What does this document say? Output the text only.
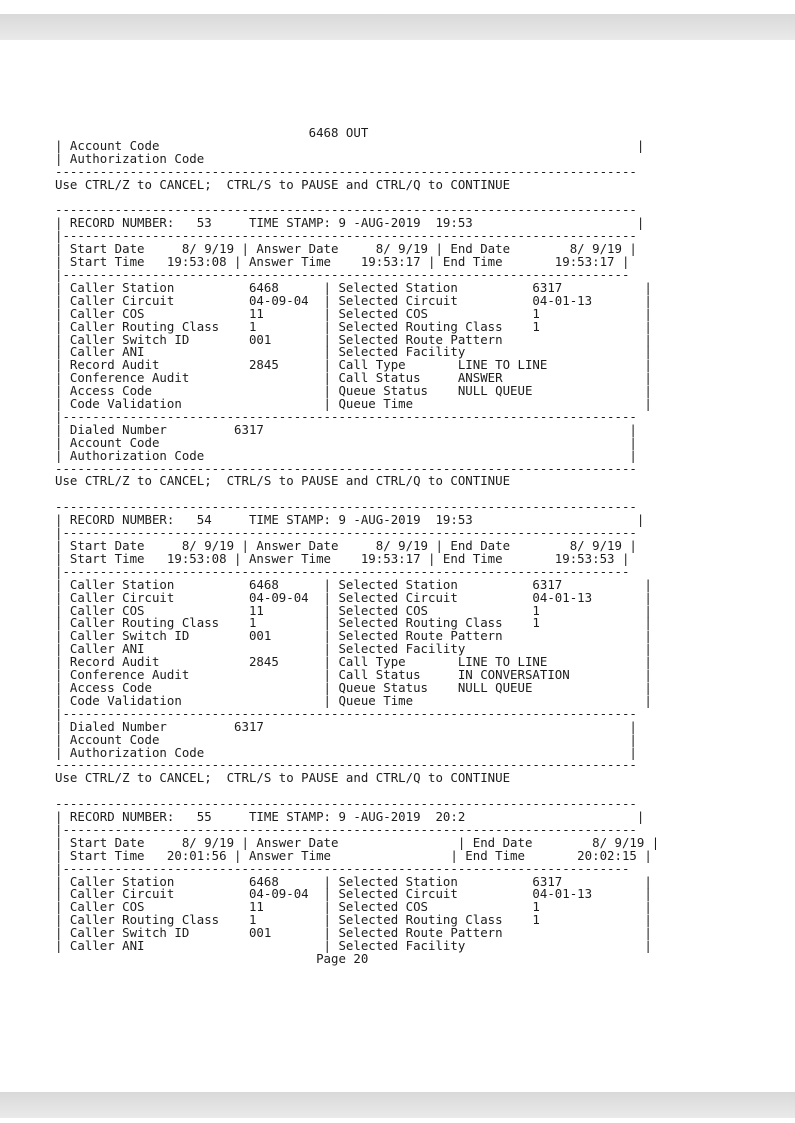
6468 OUT
| Account Code                                                                |
| Authorization Code
------------------------------------------------------------------------------
Use CTRL/Z to CANCEL;  CTRL/S to PAUSE and CTRL/Q to CONTINUE

------------------------------------------------------------------------------
| RECORD NUMBER:   53     TIME STAMP: 9 -AUG-2019  19:53                      |
|-----------------------------------------------------------------------------
| Start Date     8/ 9/19 | Answer Date     8/ 9/19 | End Date        8/ 9/19 |
| Start Time   19:53:08 | Answer Time    19:53:17 | End Time       19:53:17 |
|----------------------------------------------------------------------------
| Caller Station          6468      | Selected Station          6317           |
| Caller Circuit          04-09-04  | Selected Circuit          04-01-13       |
| Caller COS              11        | Selected COS              1              |
| Caller Routing Class    1         | Selected Routing Class    1              |
| Caller Switch ID        001       | Selected Route Pattern                   |
| Caller ANI                        | Selected Facility                        |
| Record Audit            2845      | Call Type       LINE TO LINE             |
| Conference Audit                  | Call Status     ANSWER                   |
| Access Code                       | Queue Status    NULL QUEUE               |
| Code Validation                   | Queue Time                               |
|-----------------------------------------------------------------------------
| Dialed Number         6317                                                 |
| Account Code                                                               |
| Authorization Code                                                         |
------------------------------------------------------------------------------
Use CTRL/Z to CANCEL;  CTRL/S to PAUSE and CTRL/Q to CONTINUE

------------------------------------------------------------------------------
| RECORD NUMBER:   54     TIME STAMP: 9 -AUG-2019  19:53                      |
|-----------------------------------------------------------------------------
| Start Date     8/ 9/19 | Answer Date     8/ 9/19 | End Date        8/ 9/19 |
| Start Time   19:53:08 | Answer Time    19:53:17 | End Time       19:53:53 |
|----------------------------------------------------------------------------
| Caller Station          6468      | Selected Station          6317           |
| Caller Circuit          04-09-04  | Selected Circuit          04-01-13       |
| Caller COS              11        | Selected COS              1              |
| Caller Routing Class    1         | Selected Routing Class    1              |
| Caller Switch ID        001       | Selected Route Pattern                   |
| Caller ANI                        | Selected Facility                        |
| Record Audit            2845      | Call Type       LINE TO LINE             |
| Conference Audit                  | Call Status     IN CONVERSATION          |
| Access Code                       | Queue Status    NULL QUEUE               |
| Code Validation                   | Queue Time                               |
|-----------------------------------------------------------------------------
| Dialed Number         6317                                                 |
| Account Code                                                               |
| Authorization Code                                                         |
------------------------------------------------------------------------------
Use CTRL/Z to CANCEL;  CTRL/S to PAUSE and CTRL/Q to CONTINUE

------------------------------------------------------------------------------
| RECORD NUMBER:   55     TIME STAMP: 9 -AUG-2019  20:2                       |
|-----------------------------------------------------------------------------
| Start Date     8/ 9/19 | Answer Date                | End Date        8/ 9/19 |
| Start Time   20:01:56 | Answer Time                | End Time       20:02:15 |
|----------------------------------------------------------------------------
| Caller Station          6468      | Selected Station          6317           |
| Caller Circuit          04-09-04  | Selected Circuit          04-01-13       |
| Caller COS              11        | Selected COS              1              |
| Caller Routing Class    1         | Selected Routing Class    1              |
| Caller Switch ID        001       | Selected Route Pattern                   |
| Caller ANI                        | Selected Facility                        |
Page 20
